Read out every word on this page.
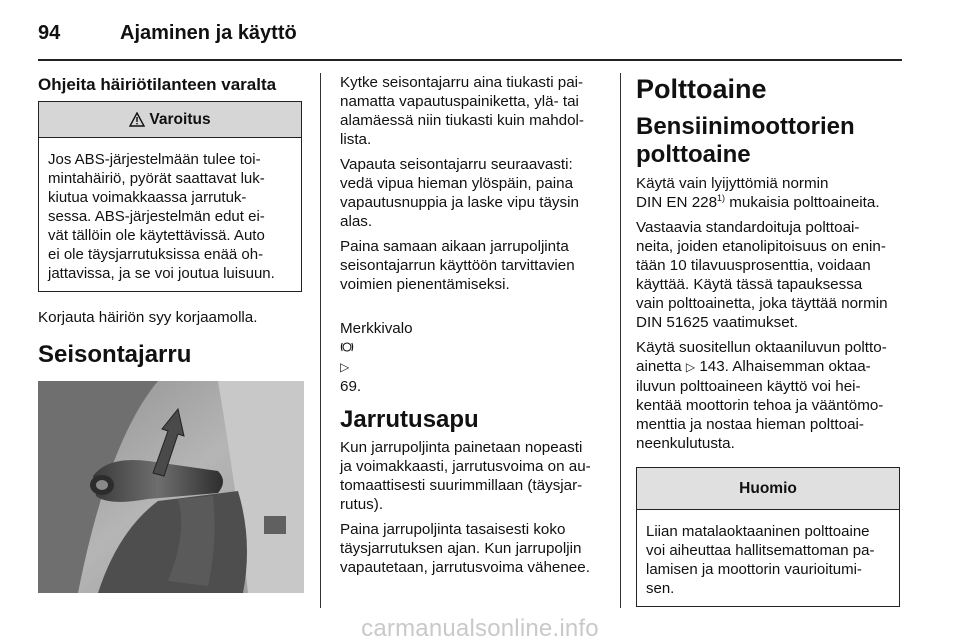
94	Ajaminen ja käyttö
Ohjeita häiriötilanteen varalta
Varoitus
Jos ABS-järjestelmään tulee toi-
mintahäiriö, pyörät saattavat luk-
kiutua voimakkaassa jarrutuk-
sessa. ABS-järjestelmän edut ei-
vät tällöin ole käytettävissä. Auto
ei ole täysjarrutuksissa enää oh-
jattavissa, ja se voi joutua luisuun.
Korjauta häiriön syy korjaamolla.
Seisontajarru
Kytke seisontajarru aina tiukasti pai-
namatta vapautuspainiketta, ylä- tai
alamäessä niin tiukasti kuin mahdol-
lista.
Vapauta seisontajarru seuraavasti:
vedä vipua hieman ylöspäin, paina
vapautusnuppia ja laske vipu täysin
alas.
Paina samaan aikaan jarrupoljinta
seisontajarrun käyttöön tarvittavien
voimien pienentämiseksi.

Merkkivalo

▷
69.

Jarrutusapu
Kun jarrupoljinta painetaan nopeasti
ja voimakkaasti, jarrutusvoima on au-
tomaattisesti suurimmillaan (täysjar-
rutus).
Paina jarrupoljinta tasaisesti koko
täysjarrutuksen ajan. Kun jarrupoljin
vapautetaan, jarrutusvoima vähenee.
Polttoaine
Bensiinimoottorien
polttoaine
Käytä vain lyijyttömiä normin
DIN EN 228$^{1)}$ mukaisia polttoaineita.
Vastaavia standardoituja polttoai-
neita, joiden etanolipitoisuus on enin-
tään 10 tilavuusprosenttia, voidaan
käyttää. Käytä tässä tapauksessa
vain polttoainetta, joka täyttää normin
DIN 51625 vaatimukset.
Käytä suositellun oktaaniluvun poltto-
ainetta ▷ 143. Alhaisemman oktaa-
iluvun polttoaineen käyttö voi hei-
kentää moottorin tehoa ja vääntömo-
menttia ja nostaa hieman polttoai-
neenkulutusta.
Huomio
Liian matalaoktaaninen polttoaine
voi aiheuttaa hallitsemattoman pa-
lamisen ja moottorin vaurioitumi-
sen.
carmanualsonline.info
